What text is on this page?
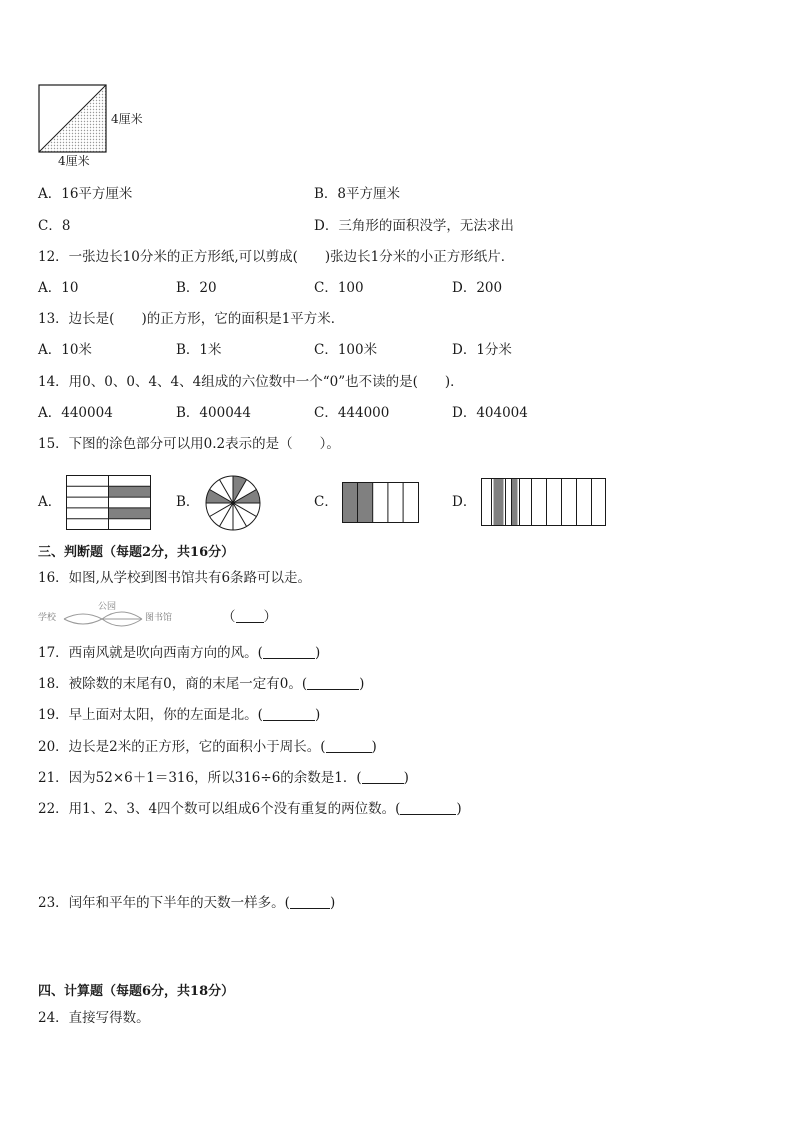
4厘米
4厘米
A．16平方厘米	B．8平方厘米
C．8	D．三角形的面积没学，无法求出
12．一张边长10分米的正方形纸,可以剪成(　　)张边长1分米的小正方形纸片．
A．10	B．20	C．100	D．200
13．边长是(　　)的正方形，它的面积是1平方米．
A．10米	B．1米	C．100米	D．1分米
14．用0、0、0、4、4、4组成的六位数中一个“0”也不读的是(　　)．
A．440004	B．400044	C．444000	D．404004
15．下图的涂色部分可以用0.2表示的是（　　）。
A．	B．	C．	D．
三、判断题（每题2分，共16分）
16．如图,从学校到图书馆共有6条路可以走。
学校
公园
图书馆	（ ）
17．西南风就是吹向西南方向的风。(	)
18．被除数的末尾有0，商的末尾一定有0。(	)
19．早上面对太阳，你的左面是北。(	)
20．边长是2米的正方形，它的面积小于周长。(	)
21．因为52×6＋1＝316，所以316÷6的余数是1．(	)
22．用1、2、3、4四个数可以组成6个没有重复的两位数。(	)
23．闰年和平年的下半年的天数一样多。(	)
四、计算题（每题6分，共18分）
24．直接写得数。
